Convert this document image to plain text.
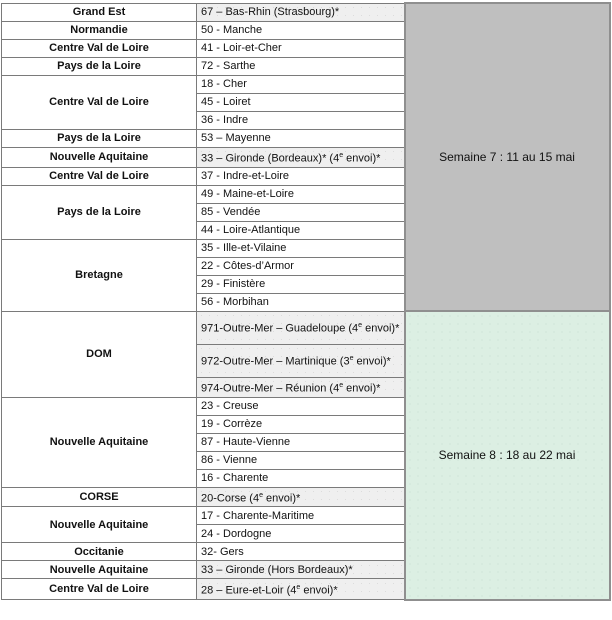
Grand Est	67 – Bas-Rhin (Strasbourg)*	Semaine 7 : 11 au 15 mai
Normandie	50 - Manche	
Centre Val de Loire	41 - Loir-et-Cher	
Pays de la Loire	72 - Sarthe	
Centre Val de Loire	18 - Cher	
	45 - Loiret	
	36 - Indre	
Pays de la Loire	53 – Mayenne	
Nouvelle Aquitaine	33 – Gironde (Bordeaux)* (4e envoi)*	
Centre Val de Loire	37 - Indre-et-Loire	
Pays de la Loire	49 - Maine-et-Loire	
	85 - Vendée	
	44 - Loire-Atlantique	
Bretagne	35 - Ille-et-Vilaine	
	22 - Côtes-d’Armor	
	29 - Finistère	
	56 - Morbihan	
DOM	971-Outre-Mer – Guadeloupe (4e envoi)*	Semaine 8 : 18 au 22 mai
	972-Outre-Mer – Martinique (3e envoi)*	
	974-Outre-Mer – Réunion (4e envoi)*	
Nouvelle Aquitaine	23 - Creuse	
	19 - Corrèze	
	87 - Haute-Vienne	
	86 - Vienne	
	16 - Charente	
CORSE	20-Corse (4e envoi)*	
Nouvelle Aquitaine	17 - Charente-Maritime	
	24 - Dordogne	
Occitanie	32- Gers	
Nouvelle Aquitaine	33 – Gironde (Hors Bordeaux)*	
Centre Val de Loire	28 – Eure-et-Loir (4e envoi)*	
